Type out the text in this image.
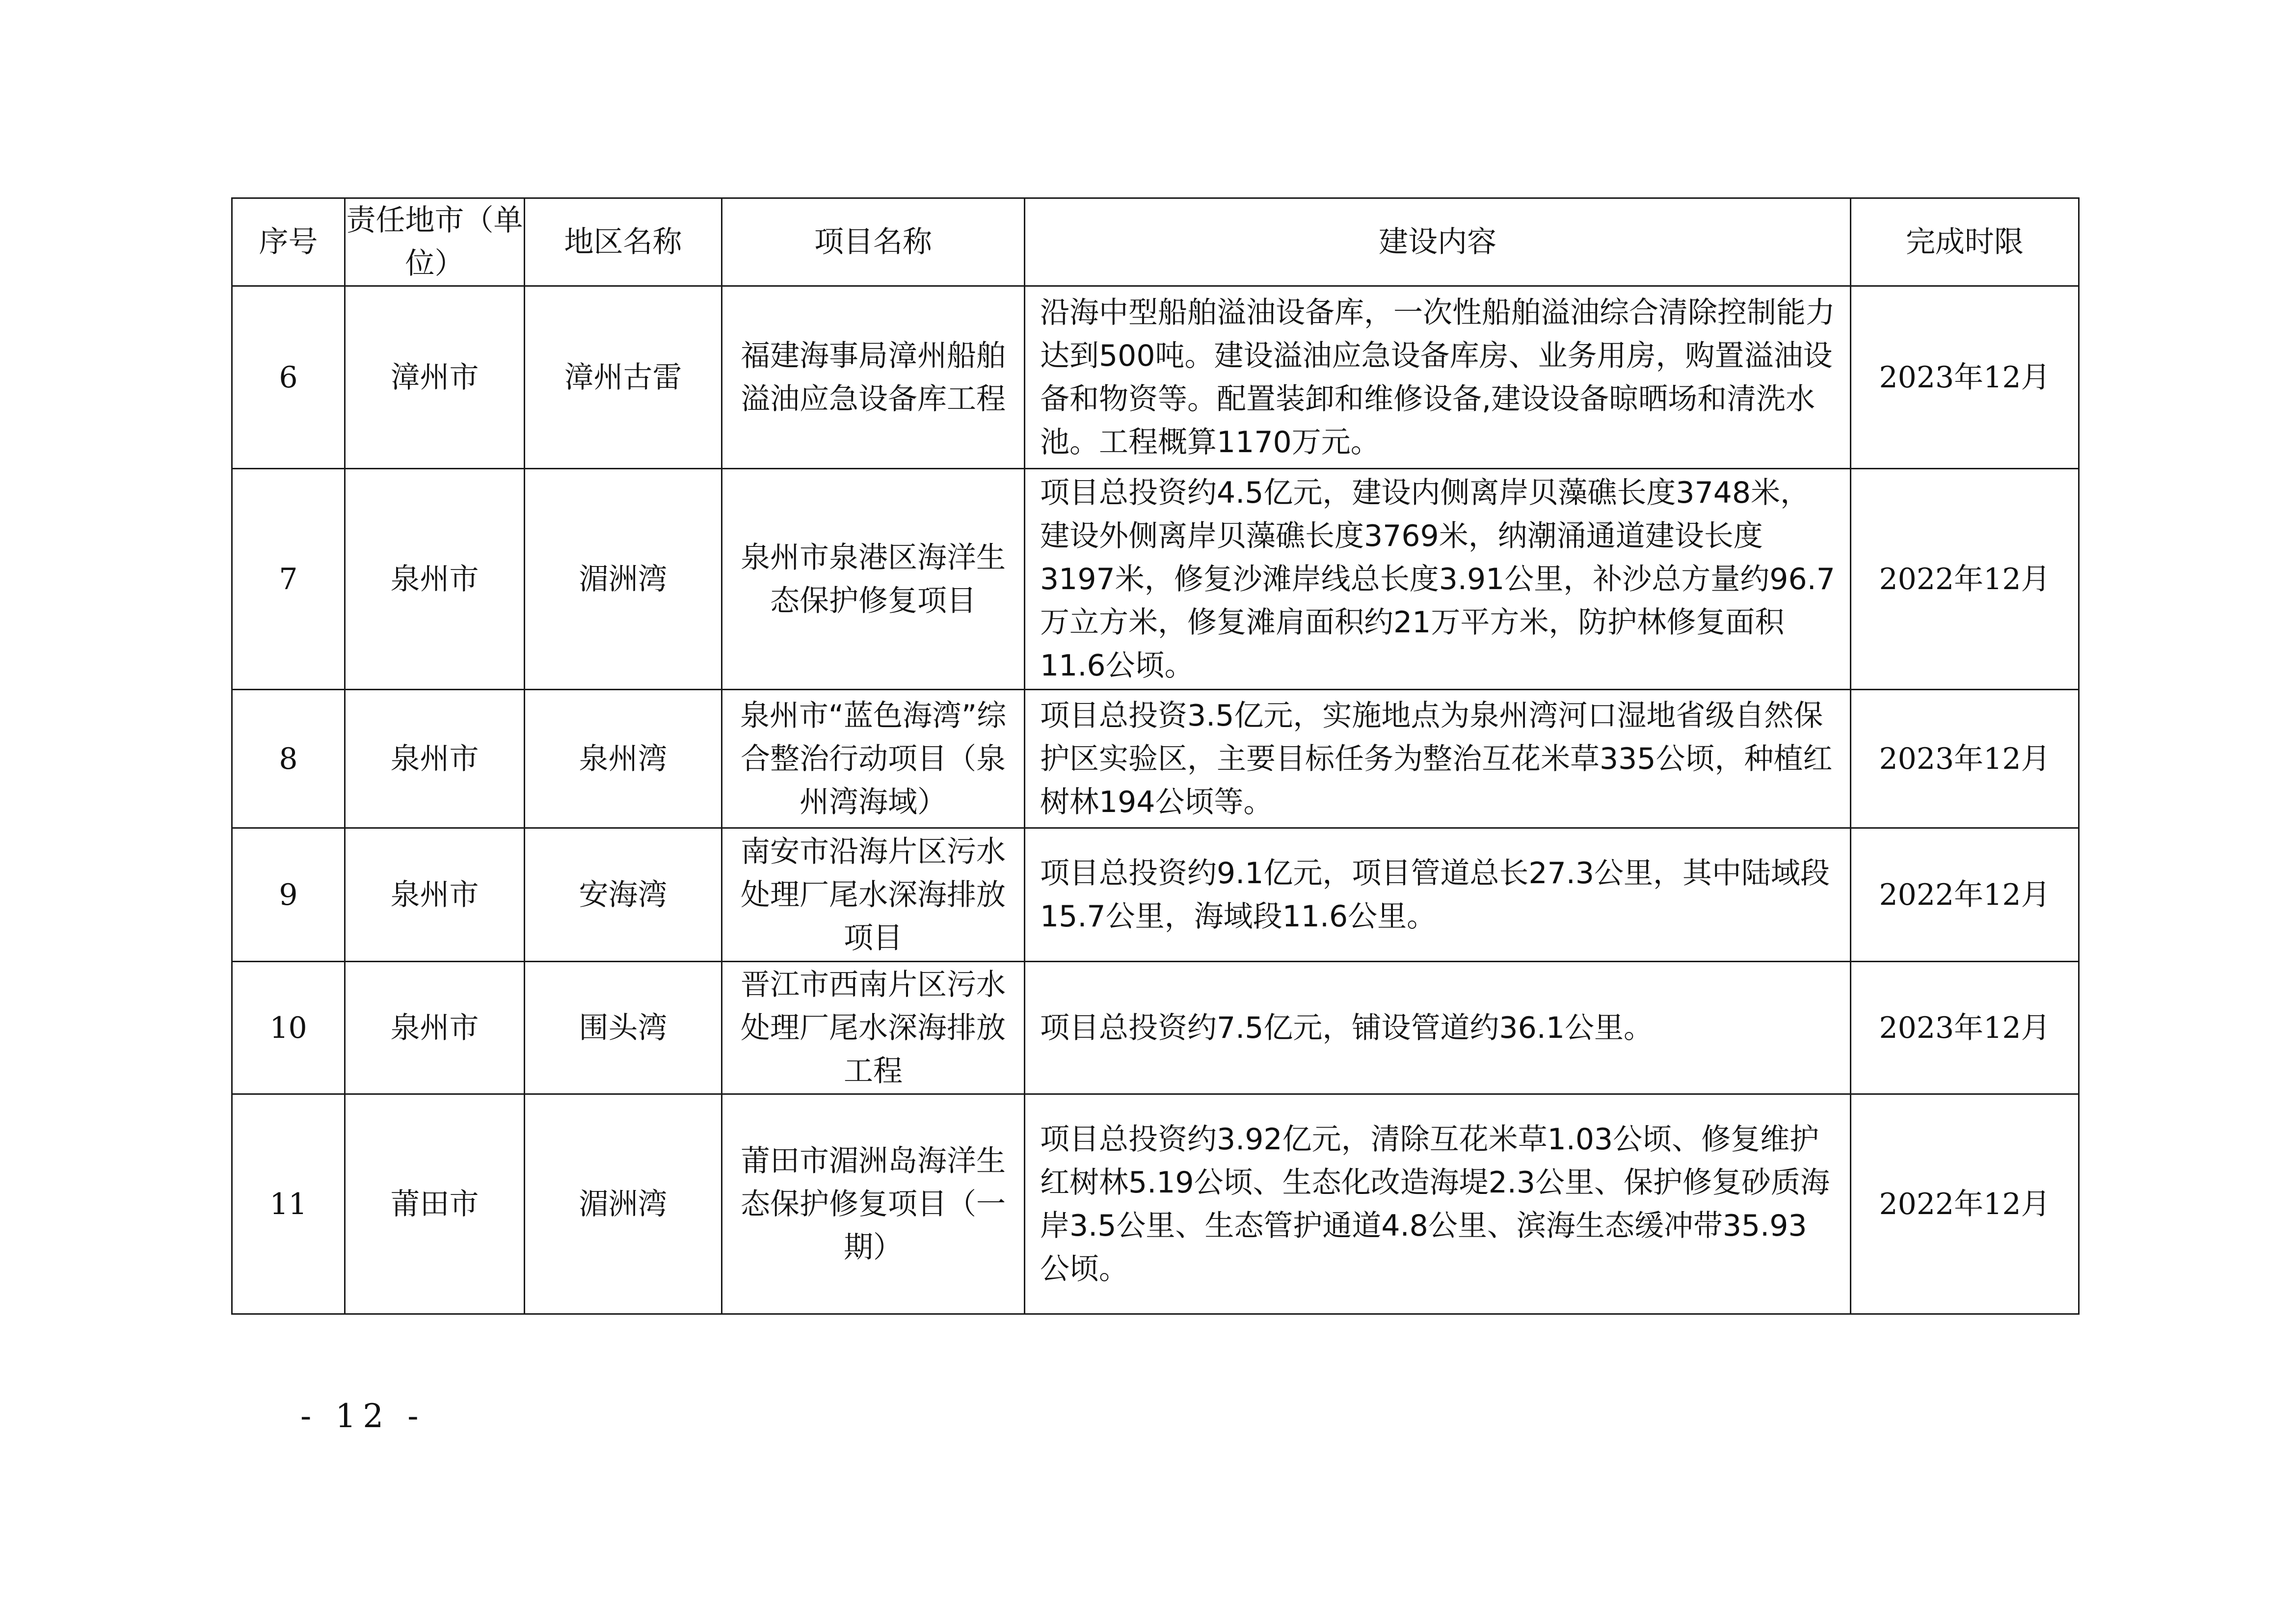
序号	责任地市（单位）	地区名称	项目名称	建设内容	完成时限
6	漳州市	漳州古雷	福建海事局漳州船舶溢油应急设备库工程	沿海中型船舶溢油设备库，一次性船舶溢油综合清除控制能力达到500吨。建设溢油应急设备库房、业务用房，购置溢油设备和物资等。配置装卸和维修设备,建设设备晾晒场和清洗水池。工程概算1170万元。	2023年12月
7	泉州市	湄洲湾	泉州市泉港区海洋生态保护修复项目	项目总投资约4.5亿元，建设内侧离岸贝藻礁长度3748米，建设外侧离岸贝藻礁长度3769米，纳潮涌通道建设长度3197米，修复沙滩岸线总长度3.91公里，补沙总方量约96.7万立方米，修复滩肩面积约21万平方米，防护林修复面积11.6公顷。	2022年12月
8	泉州市	泉州湾	泉州市“蓝色海湾”综合整治行动项目（泉州湾海域）	项目总投资3.5亿元，实施地点为泉州湾河口湿地省级自然保护区实验区，主要目标任务为整治互花米草335公顷，种植红树林194公顷等。	2023年12月
9	泉州市	安海湾	南安市沿海片区污水处理厂尾水深海排放项目	项目总投资约9.1亿元，项目管道总长27.3公里，其中陆域段15.7公里，海域段11.6公里。	2022年12月
10	泉州市	围头湾	晋江市西南片区污水处理厂尾水深海排放工程	项目总投资约7.5亿元，铺设管道约36.1公里。	2023年12月
11	莆田市	湄洲湾	莆田市湄洲岛海洋生态保护修复项目（一期）	项目总投资约3.92亿元，清除互花米草1.03公顷、修复维护红树林5.19公顷、生态化改造海堤2.3公里、保护修复砂质海岸3.5公里、生态管护通道4.8公里、滨海生态缓冲带35.93公顷。	2022年12月
- 12 -
